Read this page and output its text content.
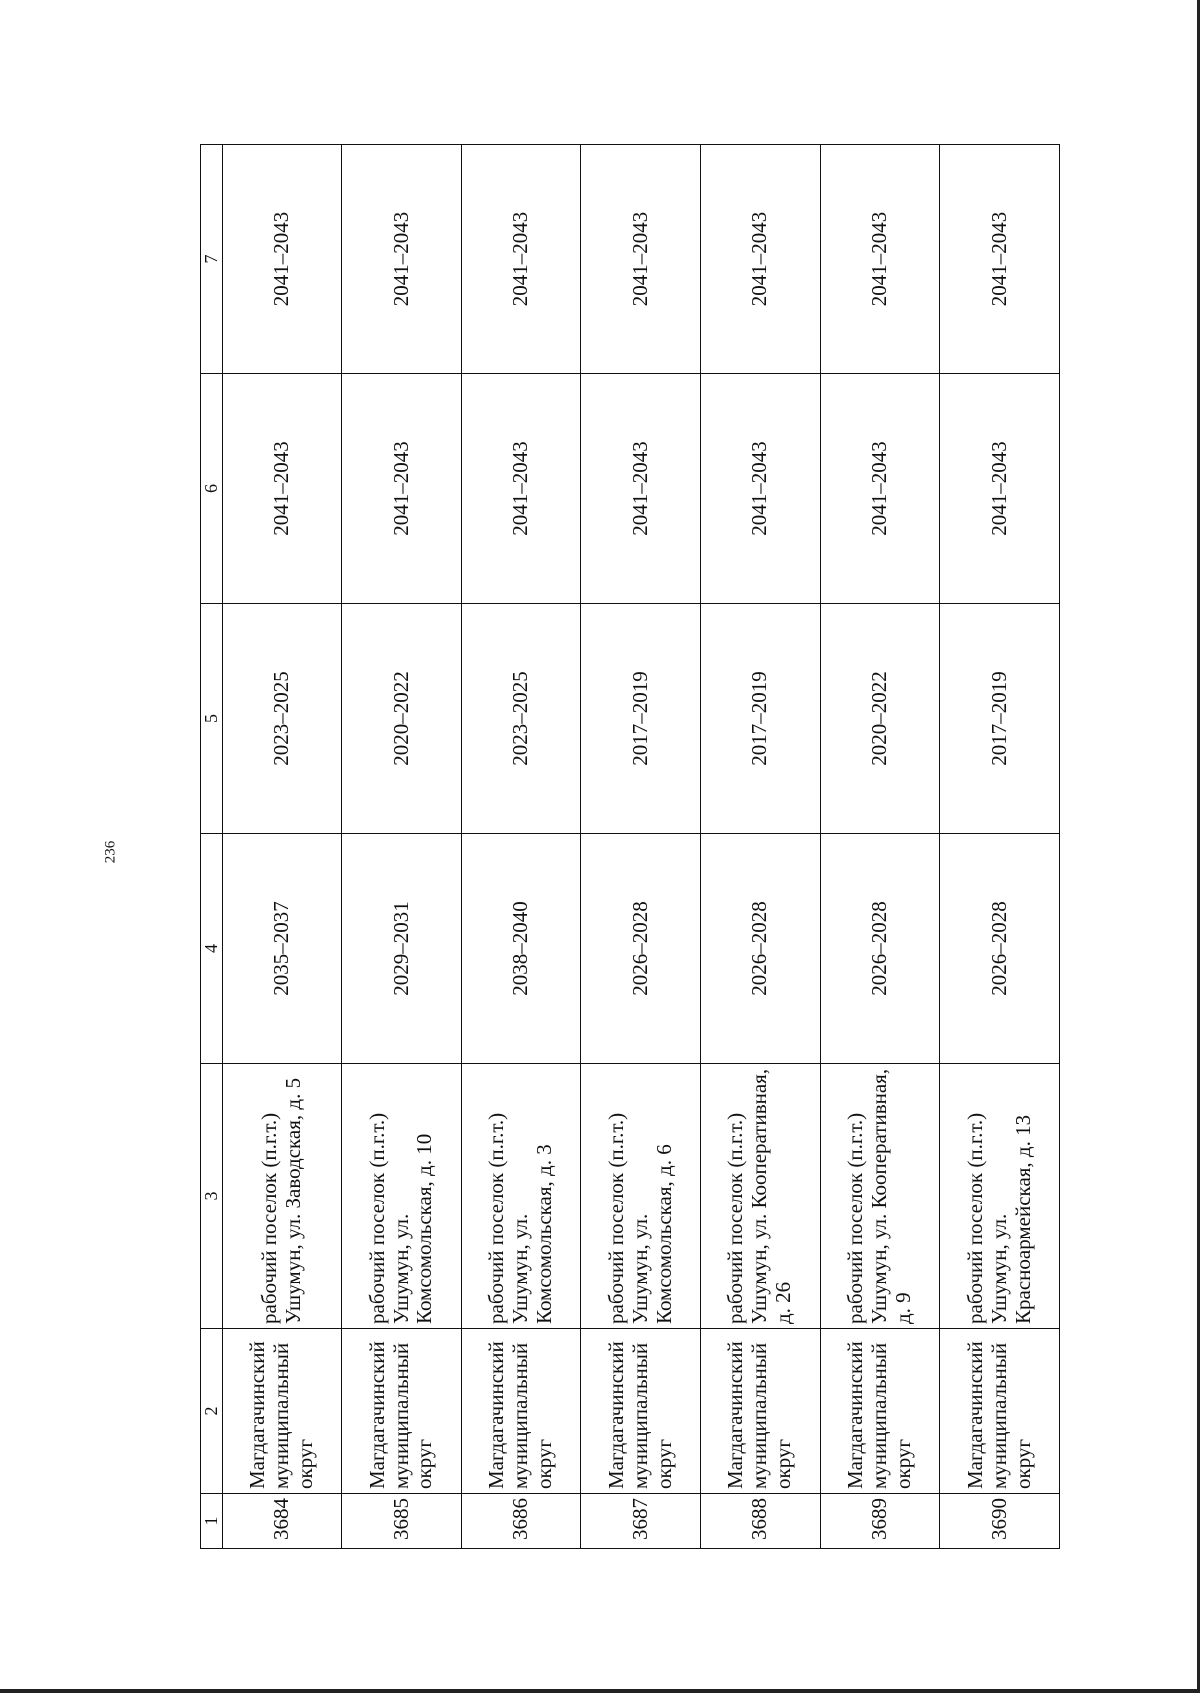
236
1	2	3	4	5	6	7
3684	Магдагачинский муниципальный округ	рабочий поселок (п.г.т.) Ушумун, ул. Заводская, д. 5	2035–2037	2023–2025	2041–2043	2041–2043
3685	Магдагачинский муниципальный округ	рабочий поселок (п.г.т.) Ушумун, ул. Комсомольская, д. 10	2029–2031	2020–2022	2041–2043	2041–2043
3686	Магдагачинский муниципальный округ	рабочий поселок (п.г.т.) Ушумун, ул. Комсомольская, д. 3	2038–2040	2023–2025	2041–2043	2041–2043
3687	Магдагачинский муниципальный округ	рабочий поселок (п.г.т.) Ушумун, ул. Комсомольская, д. 6	2026–2028	2017–2019	2041–2043	2041–2043
3688	Магдагачинский муниципальный округ	рабочий поселок (п.г.т.) Ушумун, ул. Кооперативная, д. 26	2026–2028	2017–2019	2041–2043	2041–2043
3689	Магдагачинский муниципальный округ	рабочий поселок (п.г.т.) Ушумун, ул. Кооперативная, д. 9	2026–2028	2020–2022	2041–2043	2041–2043
3690	Магдагачинский муниципальный округ	рабочий поселок (п.г.т.) Ушумун, ул. Красноармейская, д. 13	2026–2028	2017–2019	2041–2043	2041–2043
